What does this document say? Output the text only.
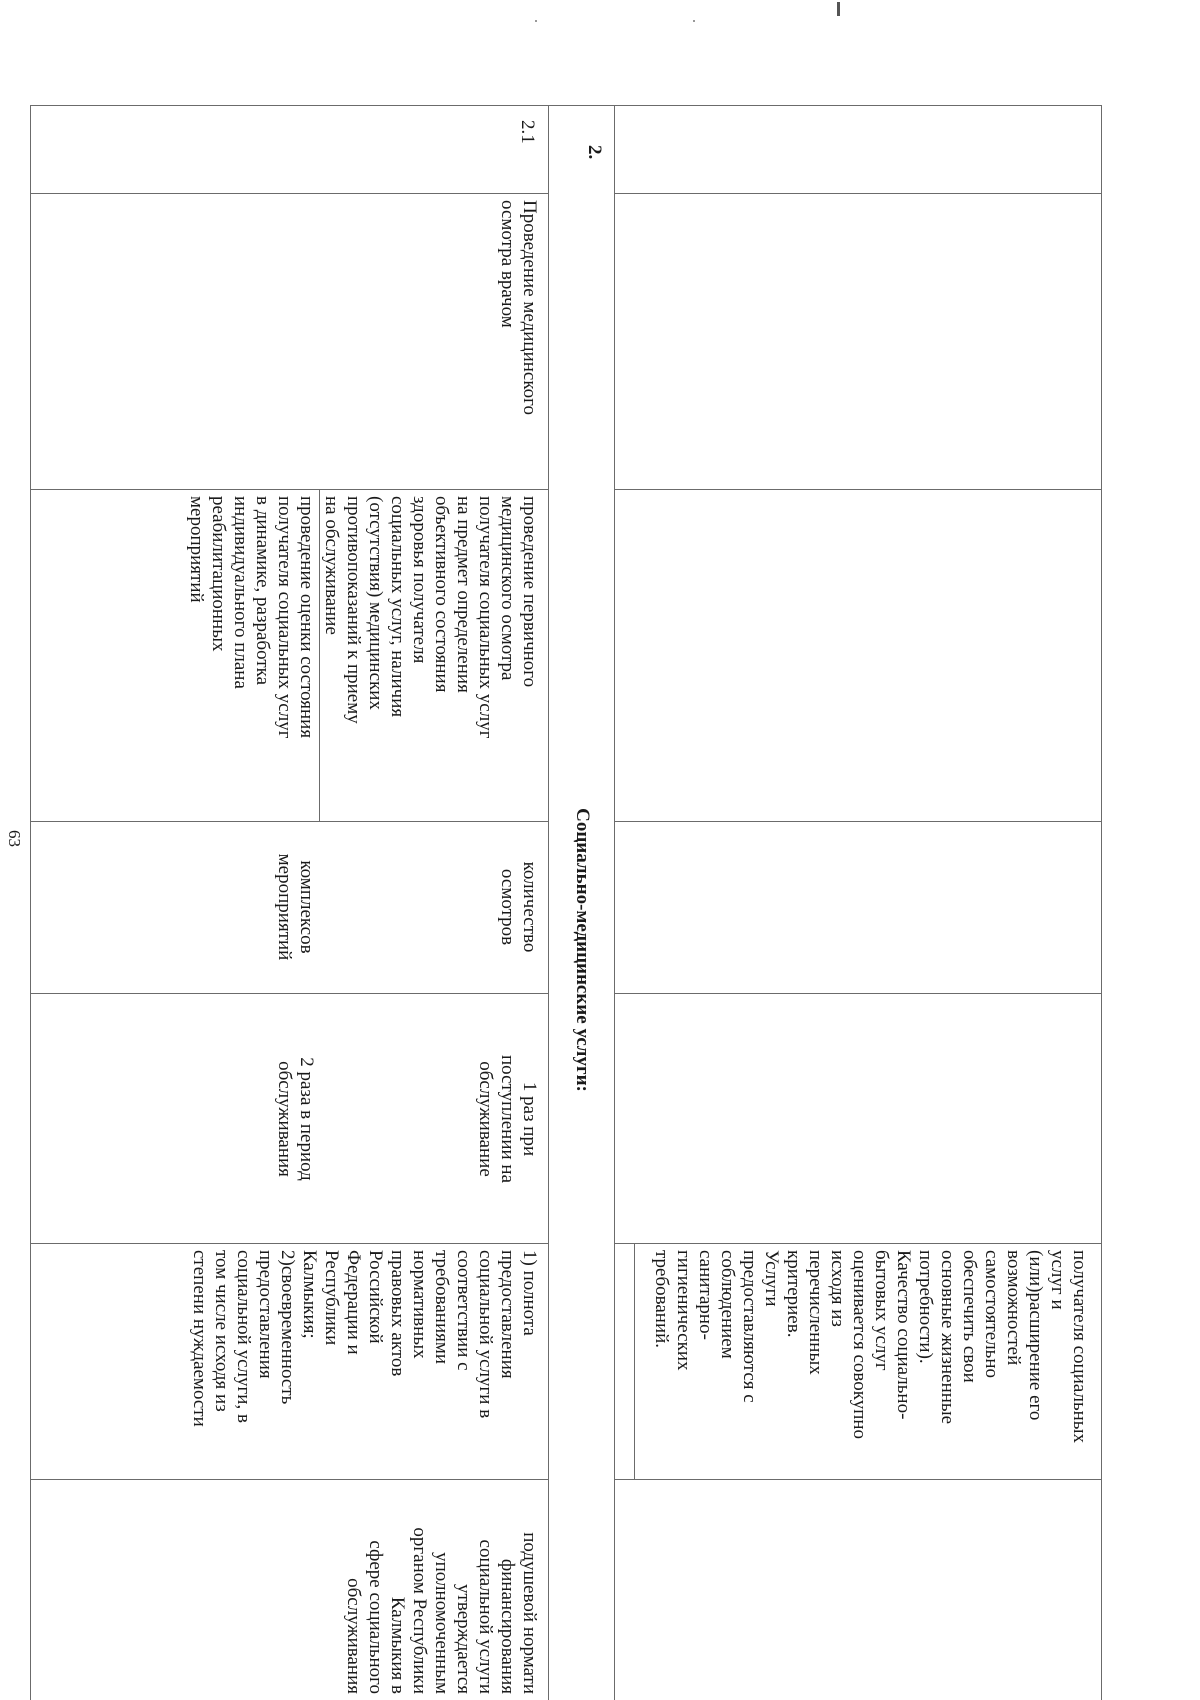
получателя социальных
услуг и
(или)расширение его
возможностей
самостоятельно
обеспечить свои
основные жизненные
потребности).
Качество социально-
бытовых услуг
оценивается совокупно
исходя из
перечисленных
критериев.
Услуги
предоставляются с
соблюдением
санитарно-
гигиенических
требований.
2.
Социально-медицинские услуги:
2.1
Проведение медицинского
осмотра врачом
проведение первичного
медицинского осмотра
получателя социальных услуг
на предмет определения
объективного состояния
здоровья получателя
социальных услуг, наличия
(отсутствия) медицинских
противопоказаний к приему
на обслуживание
проведение оценки состояния
получателя социальных услуг
в динамике, разработка
индивидуального плана
реабилитационных
мероприятий
количество
осмотров
комплексов
мероприятий
1 раз при
поступлении на
обслуживание
2 раза в период
обслуживания
1) полнота
предоставления
социальной услуги в
соответствии с
требованиями
нормативных
правовых актов
Российской
Федерации и
Республики
Калмыкия;
2)своевременность
предоставления
социальной услуги, в
том числе исходя из
степени нуждаемости
подушевой нормати
финансирования
социальной услуги
утверждается
уполномоченным
органом Республики
Калмыкия в
сфере социального
обслуживания
63
